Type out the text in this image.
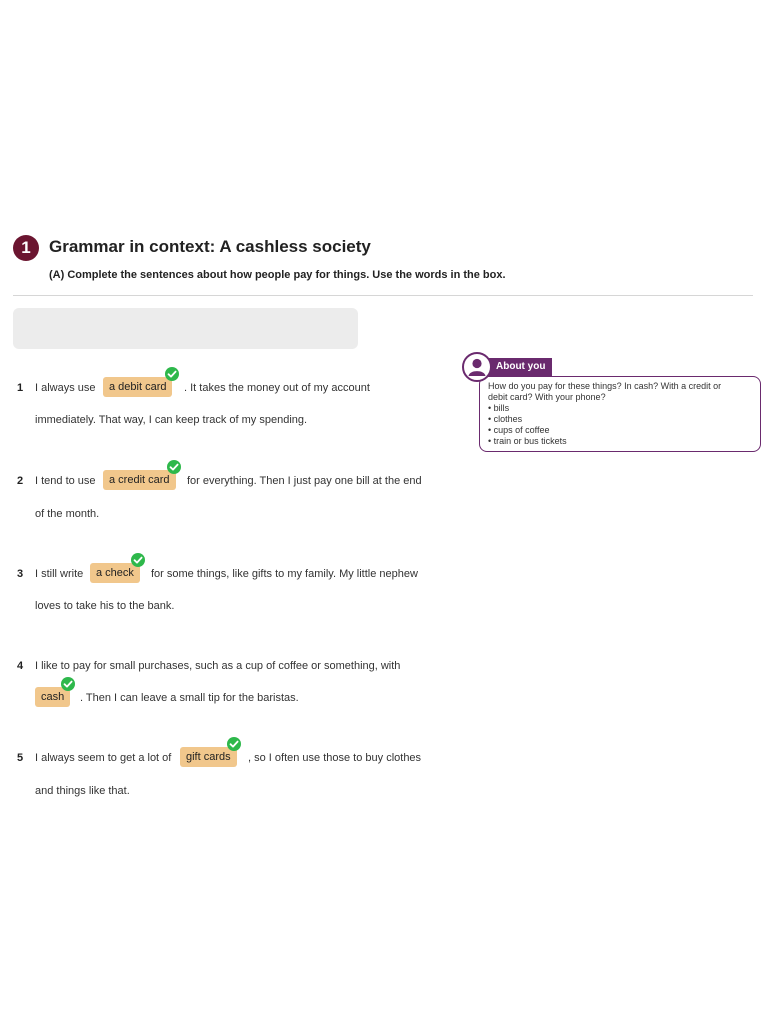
1	Grammar in context: A cashless society
(A) Complete the sentences about how people pay for things. Use the words in the box.
1 I always use	a debit card	. It takes the money out of my account
immediately. That way, I can keep track of my spending.
2 I tend to use	a credit card	for everything. Then I just pay one bill at the end
of the month.
3 I still write	a check	for some things, like gifts to my family. My little nephew
loves to take his to the bank.
4 I like to pay for small purchases, such as a cup of coffee or something, with
cash	. Then I can leave a small tip for the baristas.
5 I always seem to get a lot of	gift cards	, so I often use those to buy clothes
and things like that.
About you
How do you pay for these things? In cash? With a credit or
debit card? With your phone?
• bills
• clothes
• cups of coffee
• train or bus tickets
